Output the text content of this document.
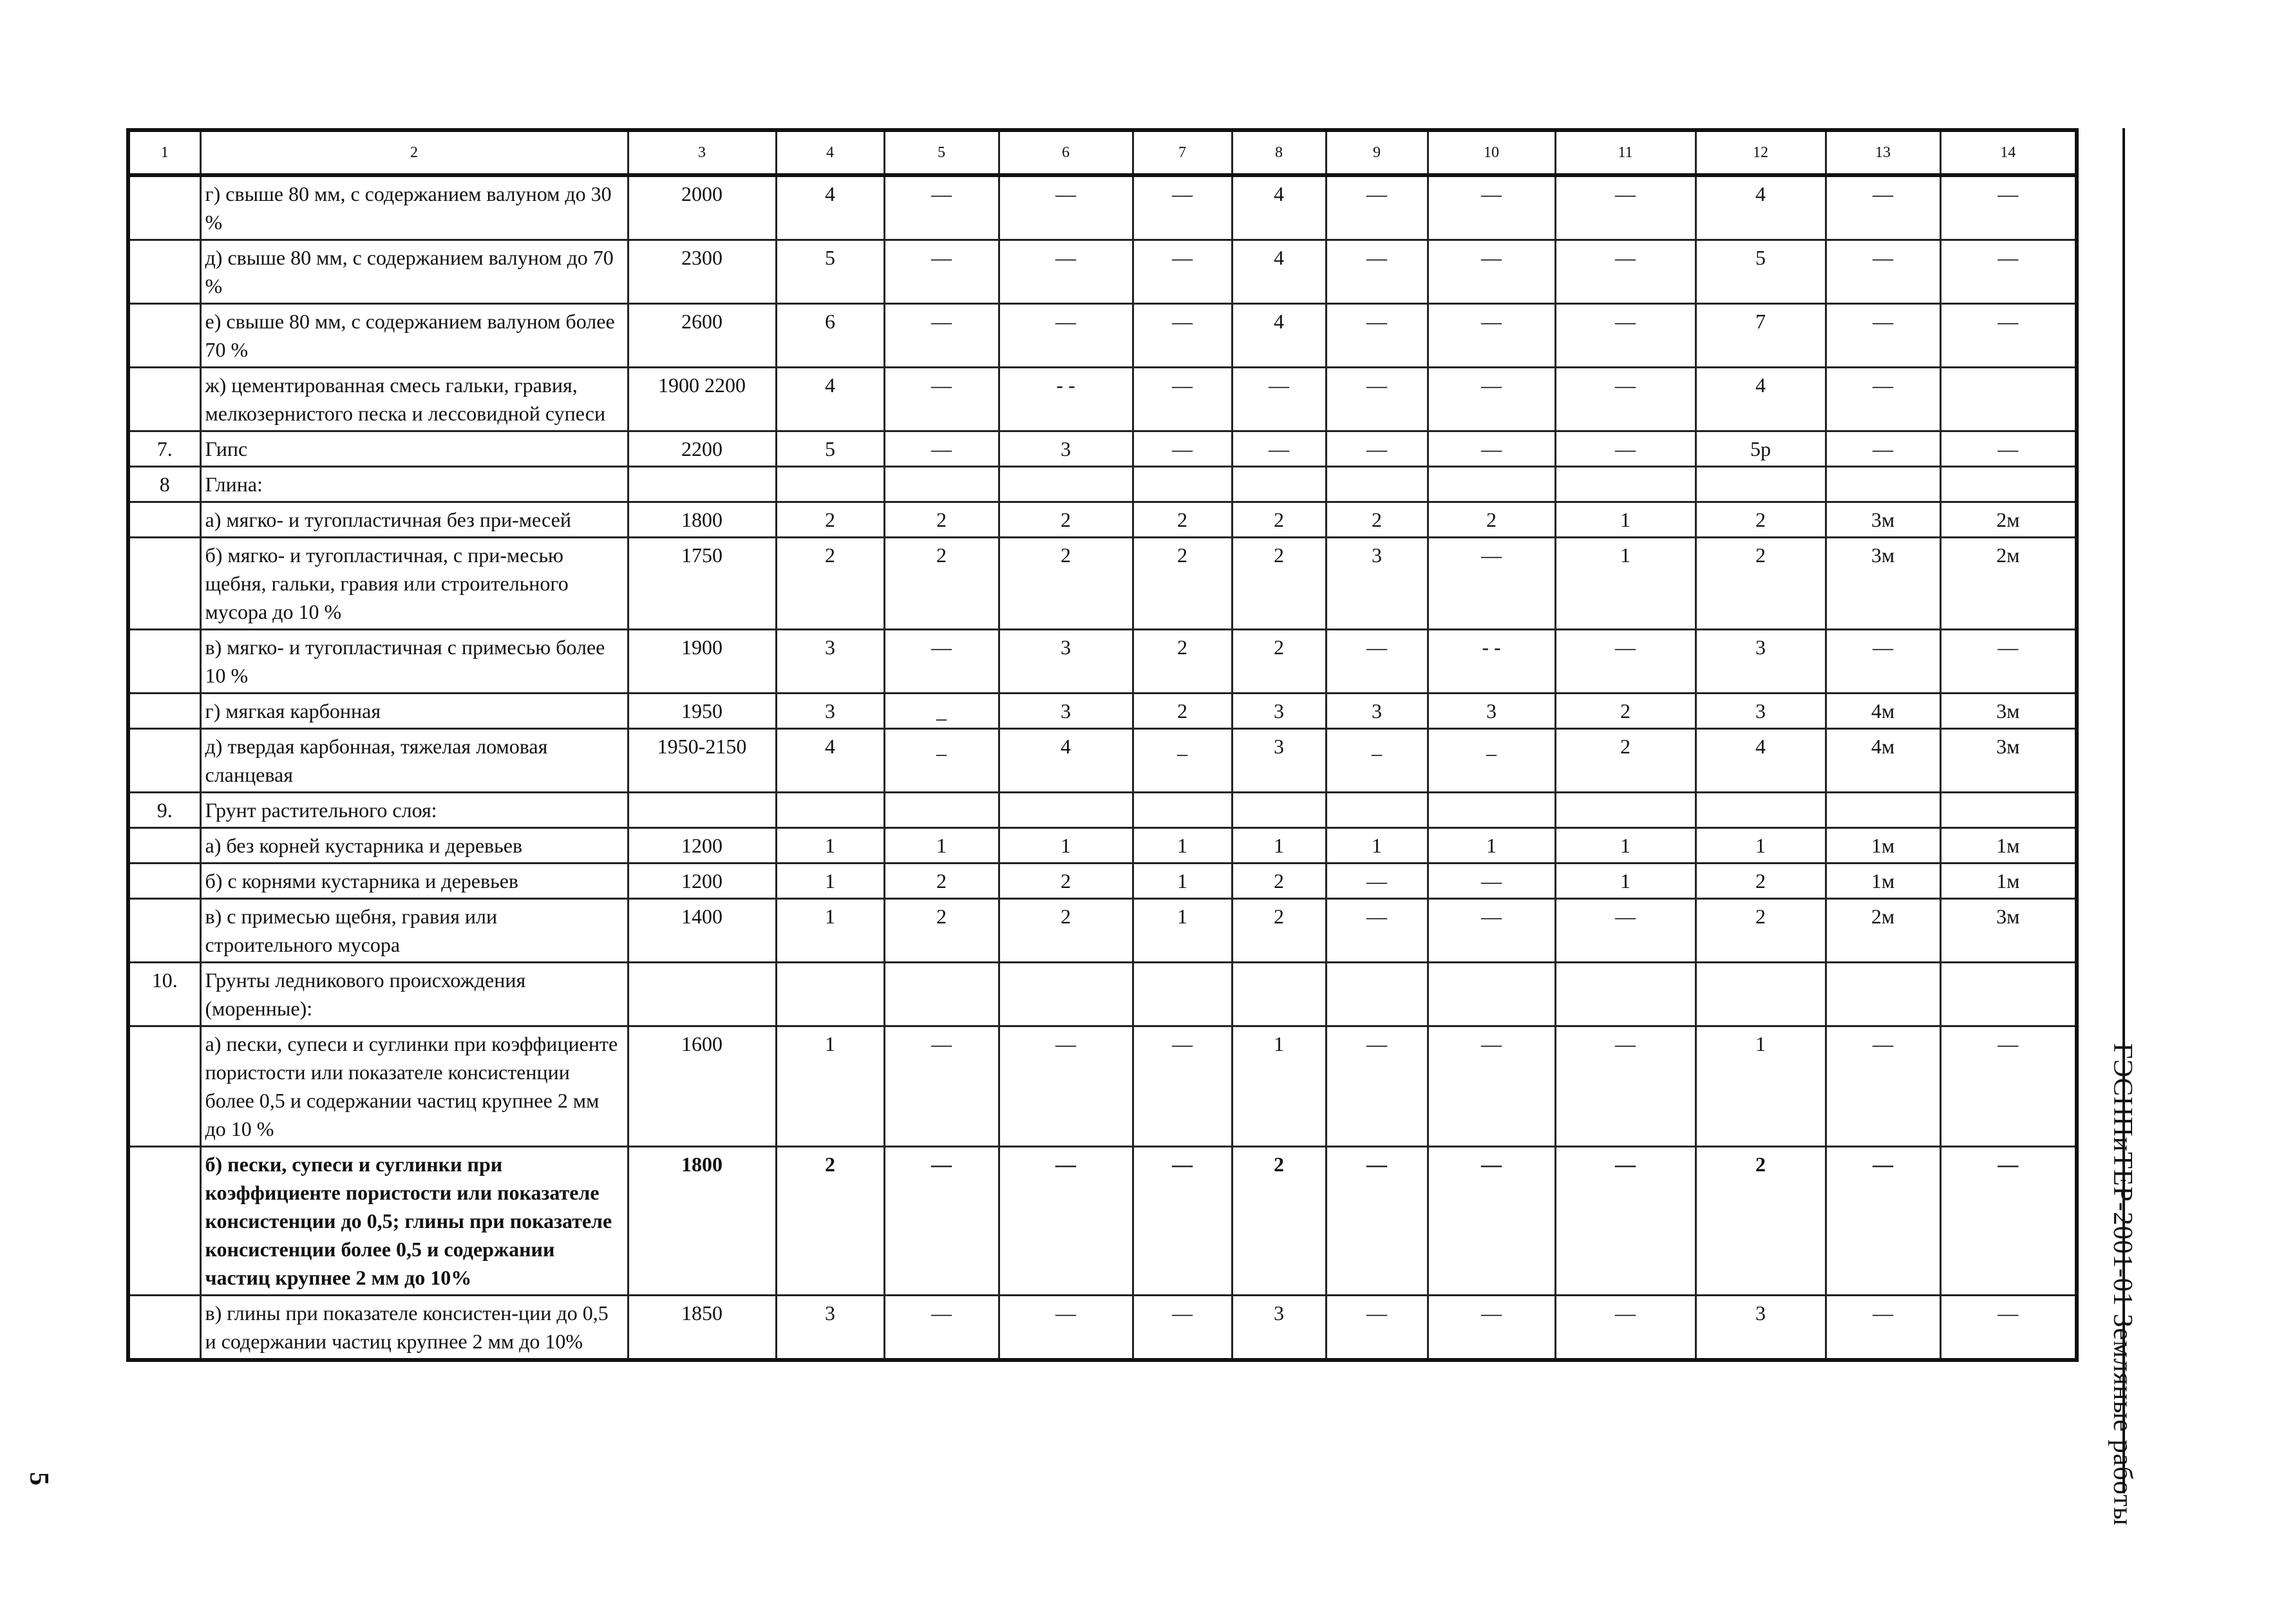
1	2	3	4	5	6	7	8	9	10	11	12	13	14
	г) свыше 80 мм, с содержанием валуном до 30 %	2000	4	—	—	—	4	—	—	—	4	—	—
	д) свыше 80 мм, с содержанием валуном до 70 %	2300	5	—	—	—	4	—	—	—	5	—	—
	е) свыше 80 мм, с содержанием валуном более 70 %	2600	6	—	—	—	4	—	—	—	7	—	—
	ж) цементированная смесь гальки, гравия, мелкозернистого песка и лессовидной супеси	1900 2200	4	—	- -	—	—	—	—	—	4	—	
7.	Гипс	2200	5	—	3	—	—	—	—	—	5р	—	—
8	Глина:												
	а) мягко- и тугопластичная без при-месей	1800	2	2	2	2	2	2	2	1	2	3м	2м
	б) мягко- и тугопластичная, с при-месью щебня, гальки, гравия или строительного мусора до 10 %	1750	2	2	2	2	2	3	—	1	2	3м	2м
	в) мягко- и тугопластичная с примесью более 10 %	1900	3	—	3	2	2	—	- -	—	3	—	—
	г) мягкая карбонная	1950	3	_	3	2	3	3	3	2	3	4м	3м
	д) твердая карбонная, тяжелая ломовая сланцевая	1950-2150	4	_	4	_	3	_	_	2	4	4м	3м
9.	Грунт растительного слоя:												
	а) без корней кустарника и деревьев	1200	1	1	1	1	1	1	1	1	1	1м	1м
	б) с корнями кустарника и деревьев	1200	1	2	2	1	2	—	—	1	2	1м	1м
	в) с примесью щебня, гравия или строительного мусора	1400	1	2	2	1	2	—	—	—	2	2м	3м
10.	Грунты ледникового происхождения (моренные):												
	а) пески, супеси и суглинки при коэффициенте пористости или показателе консистенции более 0,5 и содержании частиц крупнее 2 мм до 10 %	1600	1	—	—	—	1	—	—	—	1	—	—
	б) пески, супеси и суглинки при коэффициенте пористости или показателе консистенции до 0,5; глины при показателе консистенции более 0,5 и содержании частиц крупнее 2 мм до 10%	1800	2	—	—	—	2	—	—	—	2	—	—
	в) глины при показателе консистен-ции до 0,5 и содержании частиц крупнее 2 мм до 10%	1850	3	—	—	—	3	—	—	—	3	—	—	ГЭСНПиТЕР-2001-01 Земляные работы
5
